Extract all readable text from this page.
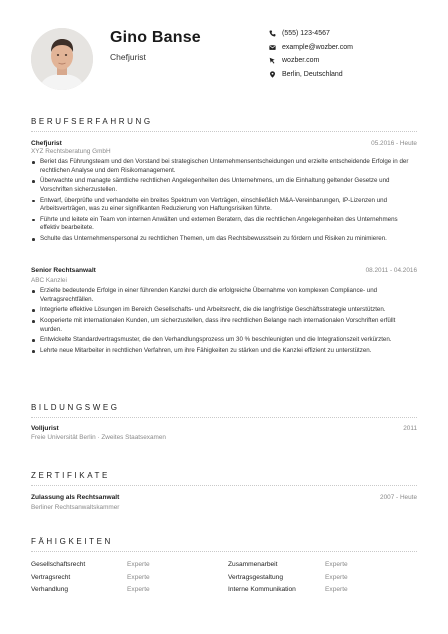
Gino Banse
Chefjurist
(555) 123-4567
example@wozber.com
wozber.com
Berlin, Deutschland
BERUFSERFAHRUNG
Chefjurist	05.2016 - Heute
XYZ Rechtsberatung GmbH
Beriet das Führungsteam und den Vorstand bei strategischen Unternehmensentscheidungen und erzielte entscheidende Erfolge in der rechtlichen Analyse und dem Risikomanagement.
Überwachte und managte sämtliche rechtlichen Angelegenheiten des Unternehmens, um die Einhaltung geltender Gesetze und Vorschriften sicherzustellen.
Entwarf, überprüfte und verhandelte ein breites Spektrum von Verträgen, einschließlich M&A-Vereinbarungen, IP-Lizenzen und Arbeitsverträgen, was zu einer signifikanten Reduzierung von Haftungsrisiken führte.
Führte und leitete ein Team von internen Anwälten und externen Beratern, das die rechtlichen Angelegenheiten des Unternehmens effektiv bearbeitete.
Schulte das Unternehmenspersonal zu rechtlichen Themen, um das Rechtsbewusstsein zu fördern und Risiken zu minimieren.
Senior Rechtsanwalt	08.2011 - 04.2016
ABC Kanzlei
Erzielte bedeutende Erfolge in einer führenden Kanzlei durch die erfolgreiche Übernahme von komplexen Compliance- und Vertragsrechtfällen.
Integrierte effektive Lösungen im Bereich Gesellschafts- und Arbeitsrecht, die die langfristige Geschäftsstrategie unterstützten.
Kooperierte mit internationalen Kunden, um sicherzustellen, dass ihre rechtlichen Belange nach internationalen Vorschriften erfüllt wurden.
Entwickelte Standardvertragsmuster, die den Verhandlungsprozess um 30 % beschleunigten und die Integrationszeit verkürzten.
Lehrte neue Mitarbeiter in rechtlichen Verfahren, um ihre Fähigkeiten zu stärken und die Kanzlei effizient zu unterstützen.
BILDUNGSWEG
Volljurist	2011
Freie Universität Berlin · Zweites Staatsexamen
ZERTIFIKATE
Zulassung als Rechtsanwalt	2007 - Heute
Berliner Rechtsanwaltskammer
FÄHIGKEITEN
Gesellschaftsrecht	Experte	Zusammenarbeit	Experte
Vertragsrecht	Experte	Vertragsgestaltung	Experte
Verhandlung	Experte	Interne Kommunikation	Experte
